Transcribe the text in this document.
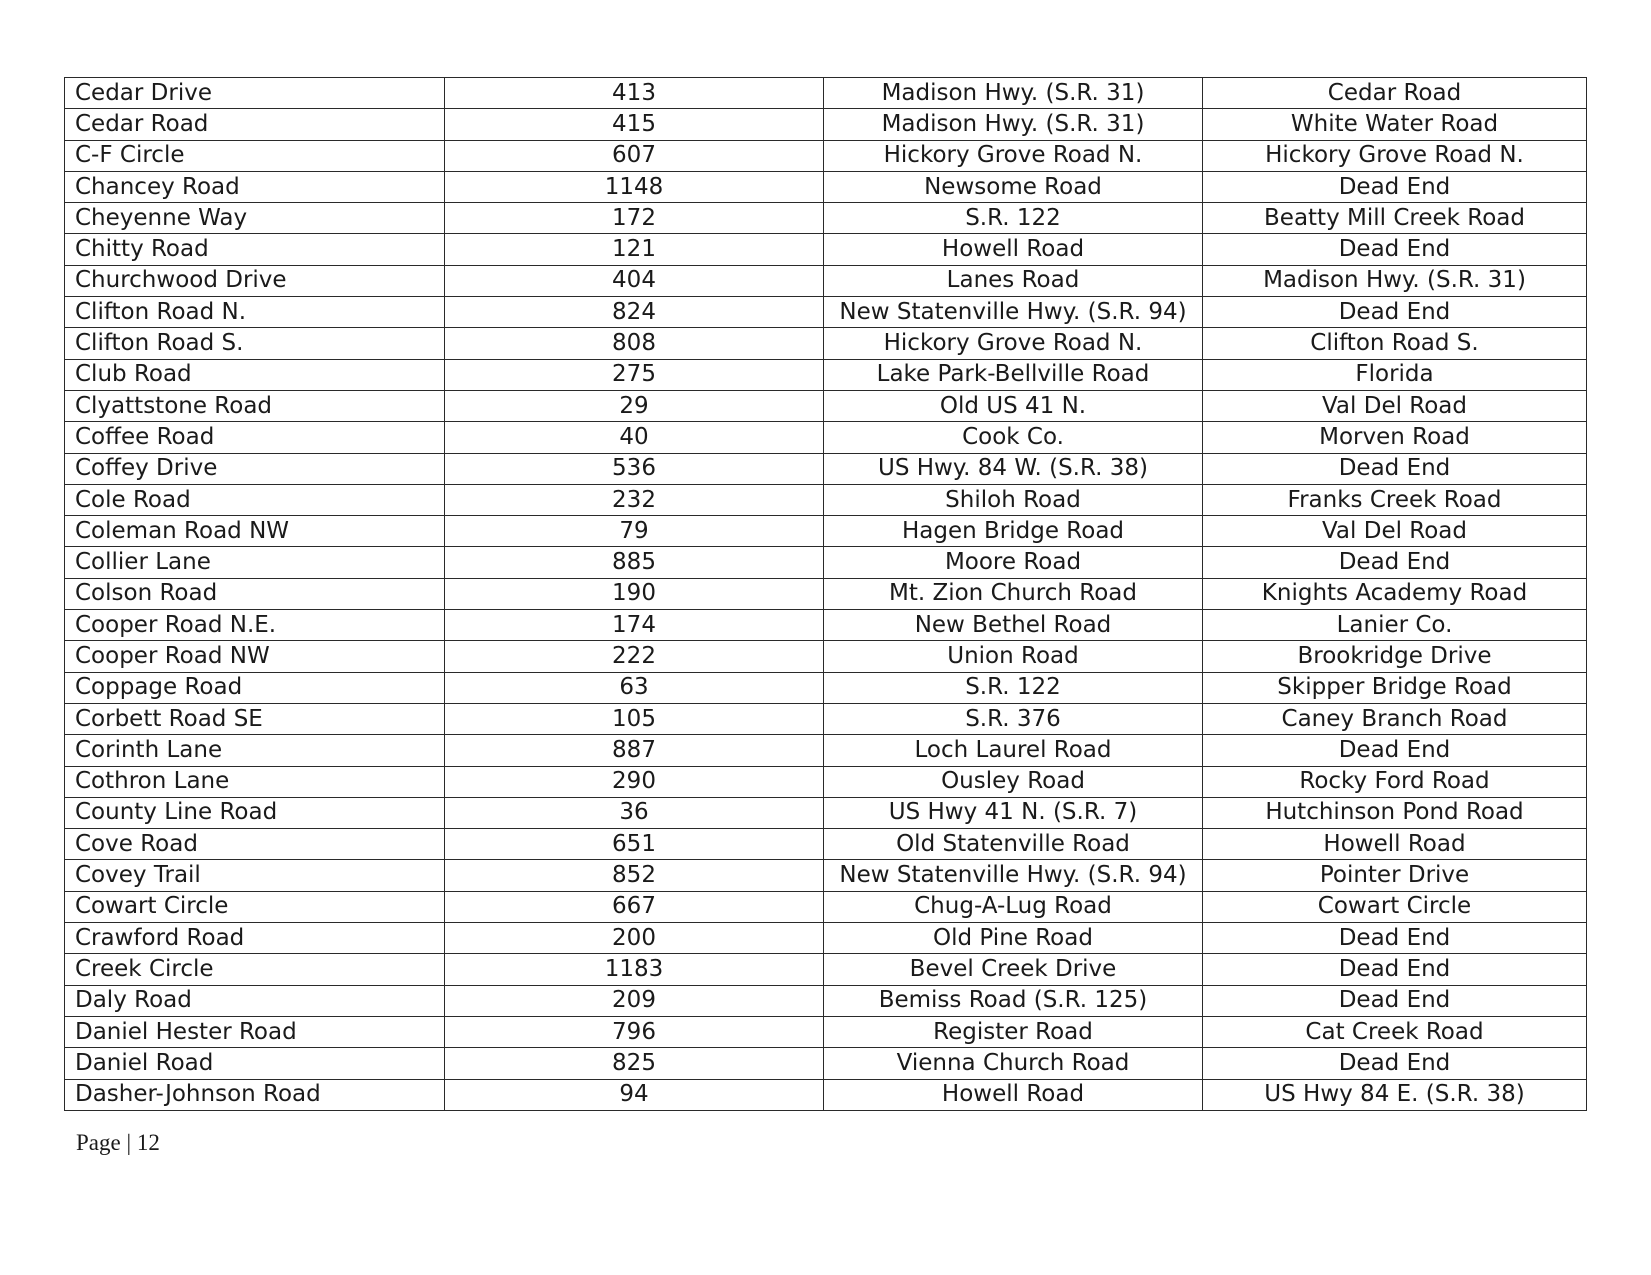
Cedar Drive	413	Madison Hwy. (S.R. 31)	Cedar Road
Cedar Road	415	Madison Hwy. (S.R. 31)	White Water Road
C-F Circle	607	Hickory Grove Road N.	Hickory Grove Road N.
Chancey Road	1148	Newsome Road	Dead End
Cheyenne Way	172	S.R. 122	Beatty Mill Creek Road
Chitty Road	121	Howell Road	Dead End
Churchwood Drive	404	Lanes Road	Madison Hwy. (S.R. 31)
Clifton Road N.	824	New Statenville Hwy. (S.R. 94)	Dead End
Clifton Road S.	808	Hickory Grove Road N.	Clifton Road S.
Club Road	275	Lake Park-Bellville Road	Florida
Clyattstone Road	29	Old US 41 N.	Val Del Road
Coffee Road	40	Cook Co.	Morven Road
Coffey Drive	536	US Hwy. 84 W. (S.R. 38)	Dead End
Cole Road	232	Shiloh Road	Franks Creek Road
Coleman Road NW	79	Hagen Bridge Road	Val Del Road
Collier Lane	885	Moore Road	Dead End
Colson Road	190	Mt. Zion Church Road	Knights Academy Road
Cooper Road N.E.	174	New Bethel Road	Lanier Co.
Cooper Road NW	222	Union Road	Brookridge Drive
Coppage Road	63	S.R. 122	Skipper Bridge Road
Corbett Road SE	105	S.R. 376	Caney Branch Road
Corinth Lane	887	Loch Laurel Road	Dead End
Cothron Lane	290	Ousley Road	Rocky Ford Road
County Line Road	36	US Hwy 41 N. (S.R. 7)	Hutchinson Pond Road
Cove Road	651	Old Statenville Road	Howell Road
Covey Trail	852	New Statenville Hwy. (S.R. 94)	Pointer Drive
Cowart Circle	667	Chug-A-Lug Road	Cowart Circle
Crawford Road	200	Old Pine Road	Dead End
Creek Circle	1183	Bevel Creek Drive	Dead End
Daly Road	209	Bemiss Road (S.R. 125)	Dead End
Daniel Hester Road	796	Register Road	Cat Creek Road
Daniel Road	825	Vienna Church Road	Dead End
Dasher-Johnson Road	94	Howell Road	US Hwy 84 E. (S.R. 38)
Page | 12
